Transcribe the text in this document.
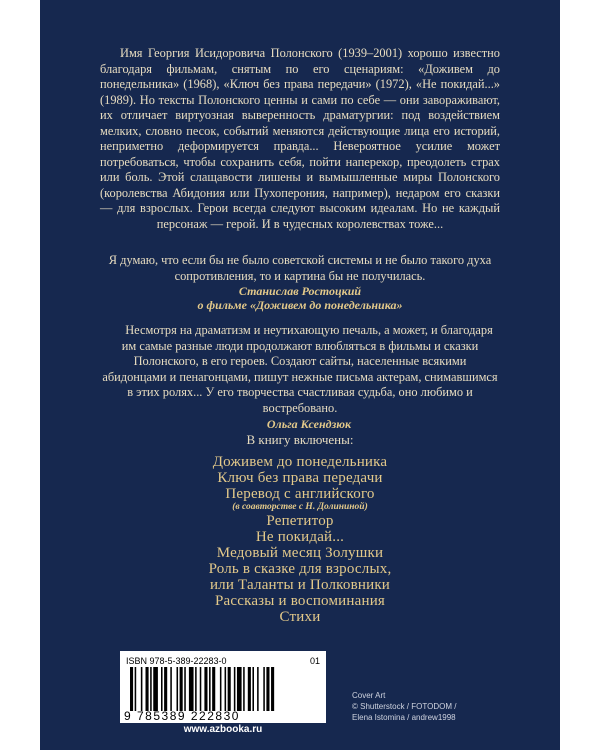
Имя Георгия Исидоровича Полонского (1939–2001) хорошо известно благодаря фильмам, снятым по его сценариям: «Доживем до понедельника» (1968), «Ключ без права передачи» (1972), «Не покидай...» (1989). Но тексты Полонского ценны и сами по себе — они завораживают, их отличает виртуозная выверенность драматургии: под воздействием мелких, словно песок, событий меняются действующие лица его историй, неприметно деформируется правда... Невероятное усилие может потребоваться, чтобы сохранить себя, пойти наперекор, преодолеть страх или боль. Этой слащавости лишены и вымышленные миры Полонского (королевства Абидония или Пухоперония, например), недаром его сказки — для взрослых. Герои всегда следуют высоким идеалам. Но не каждый персонаж — герой. И в чудесных королевствах тоже...

Я думаю, что если бы не было советской системы и не было такого духа сопротивления, то и картина бы не получилась.

Станислав Ростоцкий
о фильме «Доживем до понедельника»

Несмотря на драматизм и неутихающую печаль, а может, и благодаря им самые разные люди продолжают влюбляться в фильмы и сказки Полонского, в его героев. Создают сайты, населенные всякими абидонцами и пенагонцами, пишут нежные письма актерам, снимавшимся в этих ролях... У его творчества счастливая судьба, оно любимо и востребовано.

Ольга Ксендзюк
В книгу включены:
Доживем до понедельника
Ключ без права передачи
Перевод с английского
(в соавторстве с Н. Долининой)
Репетитор
Не покидай...
Медовый месяц Золушки
Роль в сказке для взрослых,
или Таланты и Полковники
Рассказы и воспоминания
Стихи
ISBN 978-5-389-22283-0	01
9 785389 222830
www.azbooka.ru
Cover Art
© Shutterstock / FOTODOM /
Elena Istomina / andrew1998
